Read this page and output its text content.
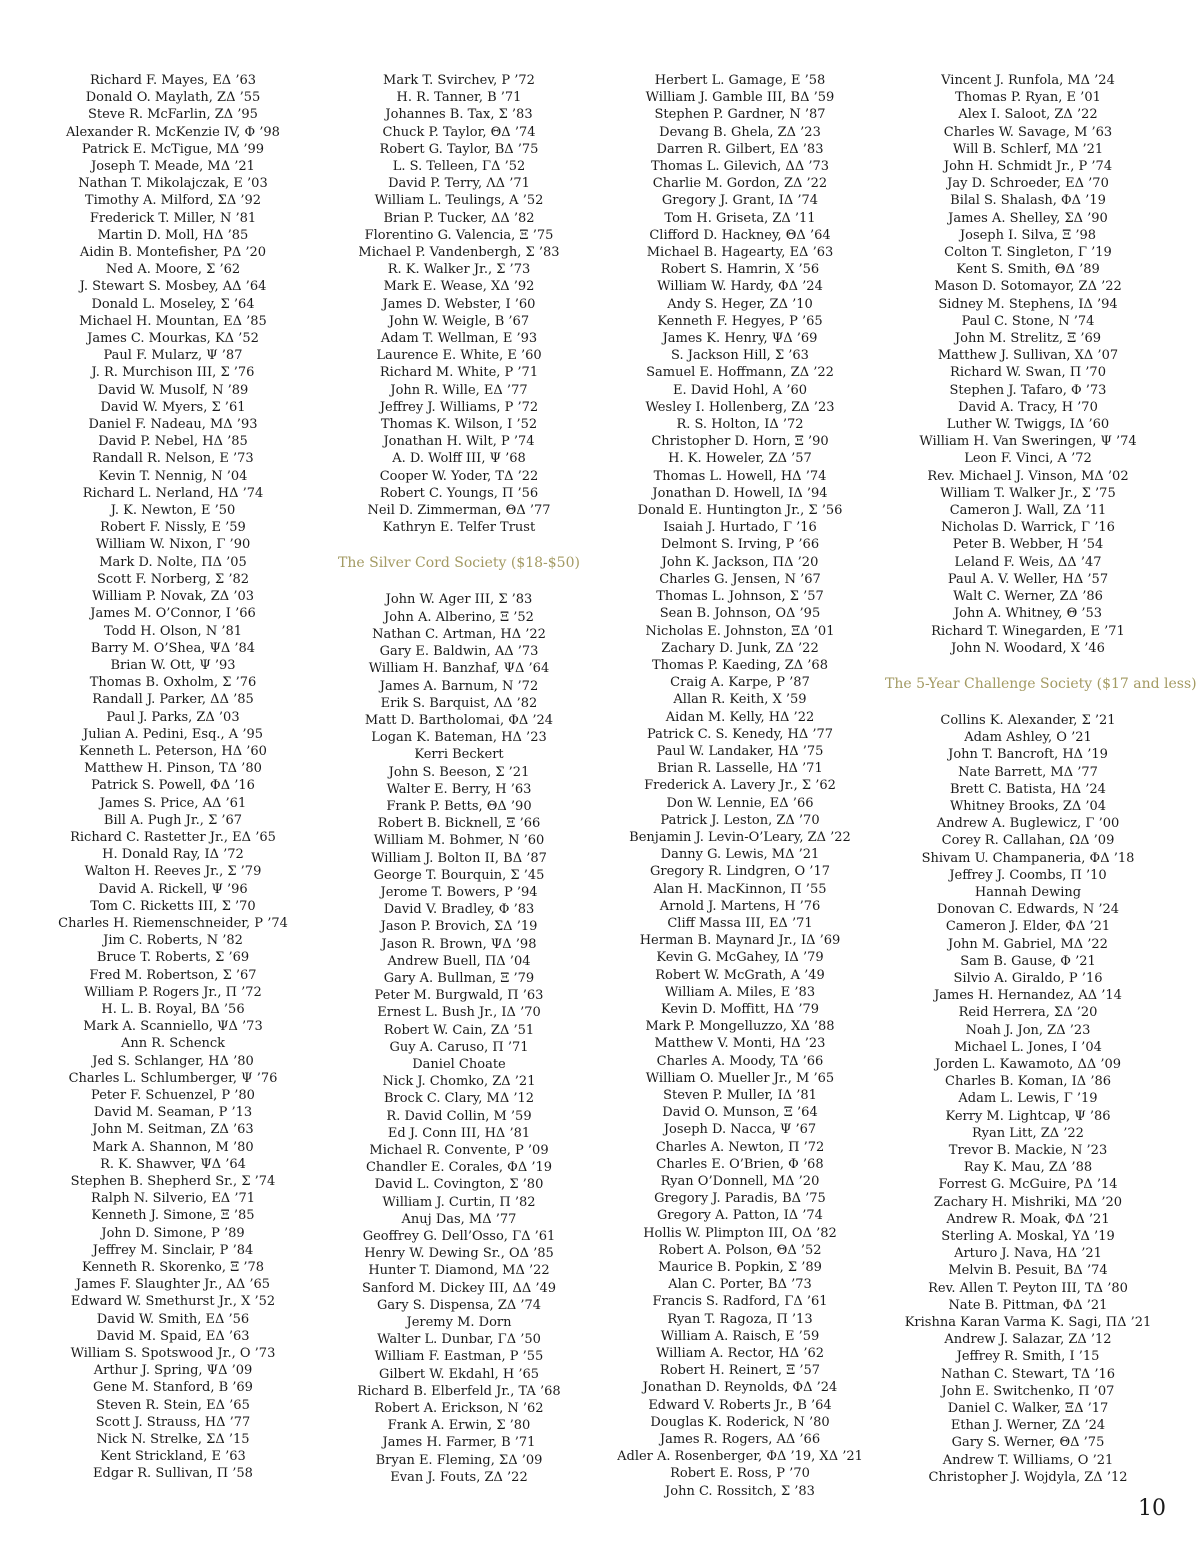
Richard F. Mayes, EΔ ’63
Donald O. Maylath, ZΔ ’55
Steve R. McFarlin, ZΔ ’95
Alexander R. McKenzie IV, Φ ’98
Patrick E. McTigue, MΔ ’99
Joseph T. Meade, MΔ ’21
Nathan T. Mikolajczak, E ’03
Timothy A. Milford, ΣΔ ’92
Frederick T. Miller, N ’81
Martin D. Moll, HΔ ’85
Aidin B. Montefisher, PΔ ’20
Ned A. Moore, Σ ’62
J. Stewart S. Mosbey, AΔ ’64
Donald L. Moseley, Σ ’64
Michael H. Mountan, EΔ ’85
James C. Mourkas, KΔ ’52
Paul F. Mularz, Ψ ’87
J. R. Murchison III, Σ ’76
David W. Musolf, N ’89
David W. Myers, Σ ’61
Daniel F. Nadeau, MΔ ’93
David P. Nebel, HΔ ’85
Randall R. Nelson, E ’73
Kevin T. Nennig, N ’04
Richard L. Nerland, HΔ ’74
J. K. Newton, E ’50
Robert F. Nissly, E ’59
William W. Nixon, Γ ’90
Mark D. Nolte, ΠΔ ’05
Scott F. Norberg, Σ ’82
William P. Novak, ZΔ ’03
James M. O’Connor, I ’66
Todd H. Olson, N ’81
Barry M. O’Shea, ΨΔ ’84
Brian W. Ott, Ψ ’93
Thomas B. Oxholm, Σ ’76
Randall J. Parker, ΔΔ ’85
Paul J. Parks, ZΔ ’03
Julian A. Pedini, Esq., A ’95
Kenneth L. Peterson, HΔ ’60
Matthew H. Pinson, TΔ ’80
Patrick S. Powell, ΦΔ ’16
James S. Price, AΔ ’61
Bill A. Pugh Jr., Σ ’67
Richard C. Rastetter Jr., EΔ ’65
H. Donald Ray, IΔ ’72
Walton H. Reeves Jr., Σ ’79
David A. Rickell, Ψ ’96
Tom C. Ricketts III, Σ ’70
Charles H. Riemenschneider, P ’74
Jim C. Roberts, N ’82
Bruce T. Roberts, Σ ’69
Fred M. Robertson, Σ ’67
William P. Rogers Jr., Π ’72
H. L. B. Royal, BΔ ’56
Mark A. Scanniello, ΨΔ ’73
Ann R. Schenck
Jed S. Schlanger, HΔ ’80
Charles L. Schlumberger, Ψ ’76
Peter F. Schuenzel, P ’80
David M. Seaman, P ’13
John M. Seitman, ZΔ ’63
Mark A. Shannon, M ’80
R. K. Shawver, ΨΔ ’64
Stephen B. Shepherd Sr., Σ ’74
Ralph N. Silverio, EΔ ’71
Kenneth J. Simone, Ξ ’85
John D. Simone, P ’89
Jeffrey M. Sinclair, P ’84
Kenneth R. Skorenko, Ξ ’78
James F. Slaughter Jr., AΔ ’65
Edward W. Smethurst Jr., X ’52
David W. Smith, EΔ ’56
David M. Spaid, EΔ ’63
William S. Spotswood Jr., O ’73
Arthur J. Spring, ΨΔ ’09
Gene M. Stanford, B ’69
Steven R. Stein, EΔ ’65
Scott J. Strauss, HΔ ’77
Nick N. Strelke, ΣΔ ’15
Kent Strickland, E ’63
Edgar R. Sullivan, Π ’58
Mark T. Svirchev, P ’72
H. R. Tanner, B ’71
Johannes B. Tax, Σ ’83
Chuck P. Taylor, ΘΔ ’74
Robert G. Taylor, BΔ ’75
L. S. Telleen, ΓΔ ’52
David P. Terry, ΛΔ ’71
William L. Teulings, A ’52
Brian P. Tucker, ΔΔ ’82
Florentino G. Valencia, Ξ ’75
Michael P. Vandenbergh, Σ ’83
R. K. Walker Jr., Σ ’73
Mark E. Wease, XΔ ’92
James D. Webster, I ’60
John W. Weigle, B ’67
Adam T. Wellman, E ’93
Laurence E. White, E ’60
Richard M. White, P ’71
John R. Wille, EΔ ’77
Jeffrey J. Williams, P ’72
Thomas K. Wilson, I ’52
Jonathan H. Wilt, P ’74
A. D. Wolff III, Ψ ’68
Cooper W. Yoder, TΔ ’22
Robert C. Youngs, Π ’56
Neil D. Zimmerman, ΘΔ ’77
Kathryn E. Telfer Trust
The Silver Cord Society ($18-$50)
John W. Ager III, Σ ’83
John A. Alberino, Ξ ’52
Nathan C. Artman, HΔ ’22
Gary E. Baldwin, AΔ ’73
William H. Banzhaf, ΨΔ ’64
James A. Barnum, N ’72
Erik S. Barquist, ΛΔ ’82
Matt D. Bartholomai, ΦΔ ’24
Logan K. Bateman, HΔ ’23
Kerri Beckert
John S. Beeson, Σ ’21
Walter E. Berry, H ’63
Frank P. Betts, ΘΔ ’90
Robert B. Bicknell, Ξ ’66
William M. Bohmer, N ’60
William J. Bolton II, BΔ ’87
George T. Bourquin, Σ ’45
Jerome T. Bowers, P ’94
David V. Bradley, Φ ’83
Jason P. Brovich, ΣΔ ’19
Jason R. Brown, ΨΔ ’98
Andrew Buell, ΠΔ ’04
Gary A. Bullman, Ξ ’79
Peter M. Burgwald, Π ’63
Ernest L. Bush Jr., IΔ ’70
Robert W. Cain, ZΔ ’51
Guy A. Caruso, Π ’71
Daniel Choate
Nick J. Chomko, ZΔ ’21
Brock C. Clary, MΔ ’12
R. David Collin, M ’59
Ed J. Conn III, HΔ ’81
Michael R. Convente, P ’09
Chandler E. Corales, ΦΔ ’19
David L. Covington, Σ ’80
William J. Curtin, Π ’82
Anuj Das, MΔ ’77
Geoffrey G. Dell’Osso, ΓΔ ’61
Henry W. Dewing Sr., OΔ ’85
Hunter T. Diamond, MΔ ’22
Sanford M. Dickey III, ΔΔ ’49
Gary S. Dispensa, ZΔ ’74
Jeremy M. Dorn
Walter L. Dunbar, ΓΔ ’50
William F. Eastman, P ’55
Gilbert W. Ekdahl, H ’65
Richard B. Elberfeld Jr., TA ’68
Robert A. Erickson, N ’62
Frank A. Erwin, Σ ’80
James H. Farmer, B ’71
Bryan E. Fleming, ΣΔ ’09
Evan J. Fouts, ZΔ ’22
Herbert L. Gamage, E ’58
William J. Gamble III, BΔ ’59
Stephen P. Gardner, N ’87
Devang B. Ghela, ZΔ ’23
Darren R. Gilbert, EΔ ’83
Thomas L. Gilevich, ΔΔ ’73
Charlie M. Gordon, ZΔ ’22
Gregory J. Grant, IΔ ’74
Tom H. Griseta, ZΔ ’11
Clifford D. Hackney, ΘΔ ’64
Michael B. Hagearty, EΔ ’63
Robert S. Hamrin, X ’56
William W. Hardy, ΦΔ ’24
Andy S. Heger, ZΔ ’10
Kenneth F. Hegyes, P ’65
James K. Henry, ΨΔ ’69
S. Jackson Hill, Σ ’63
Samuel E. Hoffmann, ZΔ ’22
E. David Hohl, A ’60
Wesley I. Hollenberg, ZΔ ’23
R. S. Holton, IΔ ’72
Christopher D. Horn, Ξ ’90
H. K. Howeler, ZΔ ’57
Thomas L. Howell, HΔ ’74
Jonathan D. Howell, IΔ ’94
Donald E. Huntington Jr., Σ ’56
Isaiah J. Hurtado, Γ ’16
Delmont S. Irving, P ’66
John K. Jackson, ΠΔ ’20
Charles G. Jensen, N ’67
Thomas L. Johnson, Σ ’57
Sean B. Johnson, OΔ ’95
Nicholas E. Johnston, ΞΔ ’01
Zachary D. Junk, ZΔ ’22
Thomas P. Kaeding, ZΔ ’68
Craig A. Karpe, P ’87
Allan R. Keith, X ’59
Aidan M. Kelly, HΔ ’22
Patrick C. S. Kenedy, HΔ ’77
Paul W. Landaker, HΔ ’75
Brian R. Lasselle, HΔ ’71
Frederick A. Lavery Jr., Σ ’62
Don W. Lennie, EΔ ’66
Patrick J. Leston, ZΔ ’70
Benjamin J. Levin-O’Leary, ZΔ ’22
Danny G. Lewis, MΔ ’21
Gregory R. Lindgren, O ’17
Alan H. MacKinnon, Π ’55
Arnold J. Martens, H ’76
Cliff Massa III, EΔ ’71
Herman B. Maynard Jr., IΔ ’69
Kevin G. McGahey, IΔ ’79
Robert W. McGrath, A ’49
William A. Miles, E ’83
Kevin D. Moffitt, HΔ ’79
Mark P. Mongelluzzo, XΔ ’88
Matthew V. Monti, HΔ ’23
Charles A. Moody, TΔ ’66
William O. Mueller Jr., M ’65
Steven P. Muller, IΔ ’81
David O. Munson, Ξ ’64
Joseph D. Nacca, Ψ ’67
Charles A. Newton, Π ’72
Charles E. O’Brien, Φ ’68
Ryan O’Donnell, MΔ ’20
Gregory J. Paradis, BΔ ’75
Gregory A. Patton, IΔ ’74
Hollis W. Plimpton III, OΔ ’82
Robert A. Polson, ΘΔ ’52
Maurice B. Popkin, Σ ’89
Alan C. Porter, BΔ ’73
Francis S. Radford, ΓΔ ’61
Ryan T. Ragoza, Π ’13
William A. Raisch, E ’59
William A. Rector, HΔ ’62
Robert H. Reinert, Ξ ’57
Jonathan D. Reynolds, ΦΔ ’24
Edward V. Roberts Jr., B ’64
Douglas K. Roderick, N ’80
James R. Rogers, AΔ ’66
Adler A. Rosenberger, ΦΔ ’19, XΔ ’21
Robert E. Ross, P ’70
John C. Rossitch, Σ ’83
Vincent J. Runfola, MΔ ’24
Thomas P. Ryan, E ’01
Alex I. Saloot, ZΔ ’22
Charles W. Savage, M ’63
Will B. Schlerf, MΔ ’21
John H. Schmidt Jr., P ’74
Jay D. Schroeder, EΔ ’70
Bilal S. Shalash, ΦΔ ’19
James A. Shelley, ΣΔ ’90
Joseph I. Silva, Ξ ’98
Colton T. Singleton, Γ ’19
Kent S. Smith, ΘΔ ’89
Mason D. Sotomayor, ZΔ ’22
Sidney M. Stephens, IΔ ’94
Paul C. Stone, N ’74
John M. Strelitz, Ξ ’69
Matthew J. Sullivan, XΔ ’07
Richard W. Swan, Π ’70
Stephen J. Tafaro, Φ ’73
David A. Tracy, H ’70
Luther W. Twiggs, IΔ ’60
William H. Van Sweringen, Ψ ’74
Leon F. Vinci, A ’72
Rev. Michael J. Vinson, MΔ ’02
William T. Walker Jr., Σ ’75
Cameron J. Wall, ZΔ ’11
Nicholas D. Warrick, Γ ’16
Peter B. Webber, H ’54
Leland F. Weis, ΔΔ ’47
Paul A. V. Weller, HΔ ’57
Walt C. Werner, ZΔ ’86
John A. Whitney, Θ ’53
Richard T. Winegarden, E ’71
John N. Woodard, X ’46
The 5-Year Challenge Society ($17 and less)
Collins K. Alexander, Σ ’21
Adam Ashley, O ’21
John T. Bancroft, HΔ ’19
Nate Barrett, MΔ ’77
Brett C. Batista, HΔ ’24
Whitney Brooks, ZΔ ’04
Andrew A. Buglewicz, Γ ’00
Corey R. Callahan, ΩΔ ’09
Shivam U. Champaneria, ΦΔ ’18
Jeffrey J. Coombs, Π ’10
Hannah Dewing
Donovan C. Edwards, N ’24
Cameron J. Elder, ΦΔ ’21
John M. Gabriel, MΔ ’22
Sam B. Gause, Φ ’21
Silvio A. Giraldo, P ’16
James H. Hernandez, AΔ ’14
Reid Herrera, ΣΔ ’20
Noah J. Jon, ZΔ ’23
Michael L. Jones, I ’04
Jorden L. Kawamoto, ΔΔ ’09
Charles B. Koman, IΔ ’86
Adam L. Lewis, Γ ’19
Kerry M. Lightcap, Ψ ’86
Ryan Litt, ZΔ ’22
Trevor B. Mackie, N ’23
Ray K. Mau, ZΔ ’88
Forrest G. McGuire, PΔ ’14
Zachary H. Mishriki, MΔ ’20
Andrew R. Moak, ΦΔ ’21
Sterling A. Moskal, YΔ ’19
Arturo J. Nava, HΔ ’21
Melvin B. Pesuit, BΔ ’74
Rev. Allen T. Peyton III, TΔ ’80
Nate B. Pittman, ΦΔ ’21
Krishna Karan Varma K. Sagi, ΠΔ ’21
Andrew J. Salazar, ZΔ ’12
Jeffrey R. Smith, I ’15
Nathan C. Stewart, TΔ ’16
John E. Switchenko, Π ’07
Daniel C. Walker, ΞΔ ’17
Ethan J. Werner, ZΔ ’24
Gary S. Werner, ΘΔ ’75
Andrew T. Williams, O ’21
Christopher J. Wojdyla, ZΔ ’12
10
